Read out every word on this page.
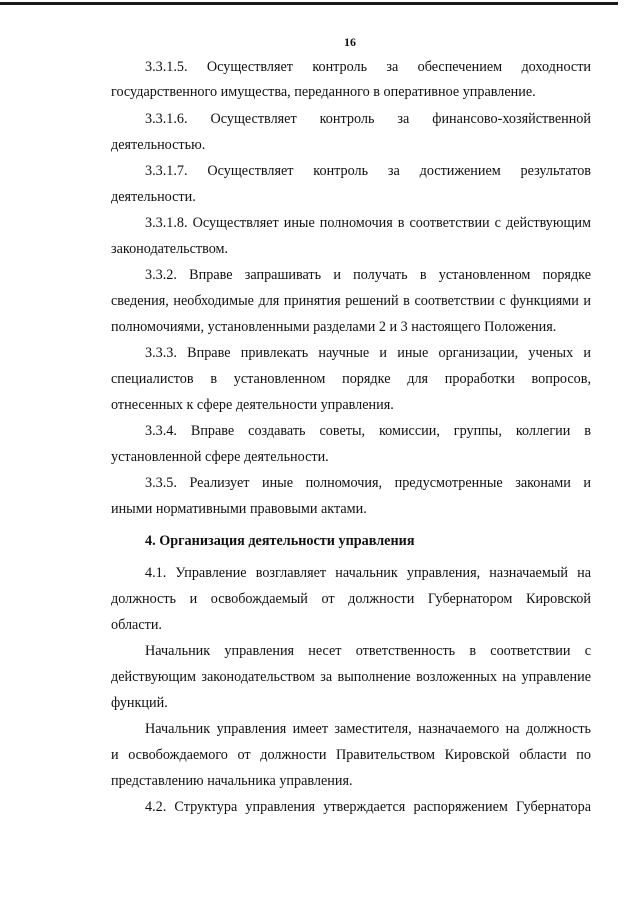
16
3.3.1.5. Осуществляет контроль за обеспечением доходности
государственного имущества, переданного в оперативное управление.
3.3.1.6. Осуществляет контроль за финансово-хозяйственной
деятельностью.
3.3.1.7. Осуществляет контроль за достижением результатов
деятельности.
3.3.1.8. Осуществляет иные полномочия в соответствии с действующим
законодательством.
3.3.2. Вправе запрашивать и получать в установленном порядке
сведения, необходимые для принятия решений в соответствии с функциями и
полномочиями, установленными разделами 2 и 3 настоящего Положения.
3.3.3. Вправе привлекать научные и иные организации, ученых и
специалистов в установленном порядке для проработки вопросов,
отнесенных к сфере деятельности управления.
3.3.4. Вправе создавать советы, комиссии, группы, коллегии в
установленной сфере деятельности.
3.3.5. Реализует иные полномочия, предусмотренные законами и
иными нормативными правовыми актами.
4. Организация деятельности управления
4.1. Управление возглавляет начальник управления, назначаемый на
должность и освобождаемый от должности Губернатором Кировской
области.
Начальник управления несет ответственность в соответствии с
действующим законодательством за выполнение возложенных на управление
функций.
Начальник управления имеет заместителя, назначаемого на должность
и освобождаемого от должности Правительством Кировской области по
представлению начальника управления.
4.2. Структура управления утверждается распоряжением Губернатора
